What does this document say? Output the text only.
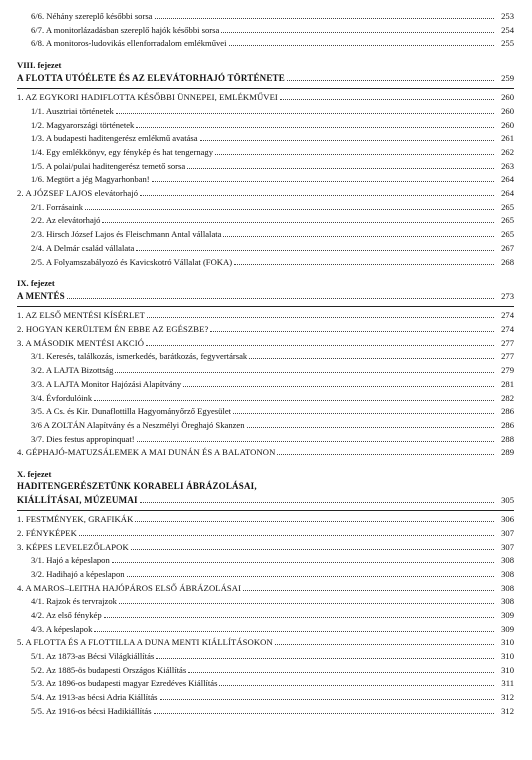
6/6. Néhány szereplő későbbi sorsa	253
6/7. A monitorlázadásban szereplő hajók későbbi sorsa	254
6/8. A monitoros-ludovikás ellenforradalom emlékművei	255
VIII. fejezet
A FLOTTA UTÓÉLETE ÉS AZ ELEVÁTORHAJÓ TÖRTÉNETE	259
1. AZ EGYKORI HADIFLOTTA KÉSŐBBI ÜNNEPEI, EMLÉKMŰVEI	260
1/1. Ausztriai történetek	260
1/2. Magyarországi történetek	260
1/3. A budapesti haditengerész emlékmű avatása	261
1/4. Egy emlékkönyv, egy fénykép és hat tengernagy	262
1/5. A polai/pulai haditengerész temető sorsa	263
1/6. Megtört a jég Magyarhonban!	264
2. A JÓZSEF LAJOS elevátorhajó	264
2/1. Forrásaink	265
2/2. Az elevátorhajó	265
2/3. Hirsch József Lajos és Fleischmann Antal vállalata	265
2/4. A Delmár család vállalata	267
2/5. A Folyamszabályozó és Kavicskotró Vállalat (FOKA)	268
IX. fejezet
A MENTÉS	273
1. AZ ELSŐ MENTÉSI KÍSÉRLET	274
2. HOGYAN KERÜLTEM ÉN EBBE AZ EGÉSZBE?	274
3. A MÁSODIK MENTÉSI AKCIÓ	277
3/1. Keresés, találkozás, ismerkedés, barátkozás, fegyvertársak	277
3/2. A LAJTA Bizottság	279
3/3. A LAJTA Monitor Hajózási Alapítvány	281
3/4. Évfordulóink	282
3/5. A Cs. és Kir. Dunaflottilla Hagyományőrző Egyesület	286
3/6 A ZOLTÁN Alapítvány és a Neszmélyi Öreghajó Skanzen	286
3/7. Dies festus appropinquat!	288
4. GÉPHAJÓ-MATUZSÁLEMEK A MAI DUNÁN ÉS A BALATONON	289
X. fejezet
HADITENGERÉSZETÜNK KORABELI ÁBRÁZOLÁSAI,
KIÁLLÍTÁSAI, MÚZEUMAI	305
1. FESTMÉNYEK, GRAFIKÁK	306
2. FÉNYKÉPEK	307
3. KÉPES LEVELEZŐLAPOK	307
3/1. Hajó a képeslapon	308
3/2. Hadihajó a képeslapon	308
4. A MAROS–LEITHA HAJÓPÁROS ELSŐ ÁBRÁZOLÁSAI	308
4/1. Rajzok és tervrajzok	308
4/2. Az első fénykép	309
4/3. A képeslapok	309
5. A FLOTTA ÉS A FLOTTILLA A DUNA MENTI KIÁLLÍTÁSOKON	310
5/1. Az 1873-as Bécsi Világkiállítás	310
5/2. Az 1885-ös budapesti Országos Kiállítás	310
5/3. Az 1896-os budapesti magyar Ezredéves Kiállítás	311
5/4. Az 1913-as bécsi Adria Kiállítás	312
5/5. Az 1916-os bécsi Hadikiállítás	312
